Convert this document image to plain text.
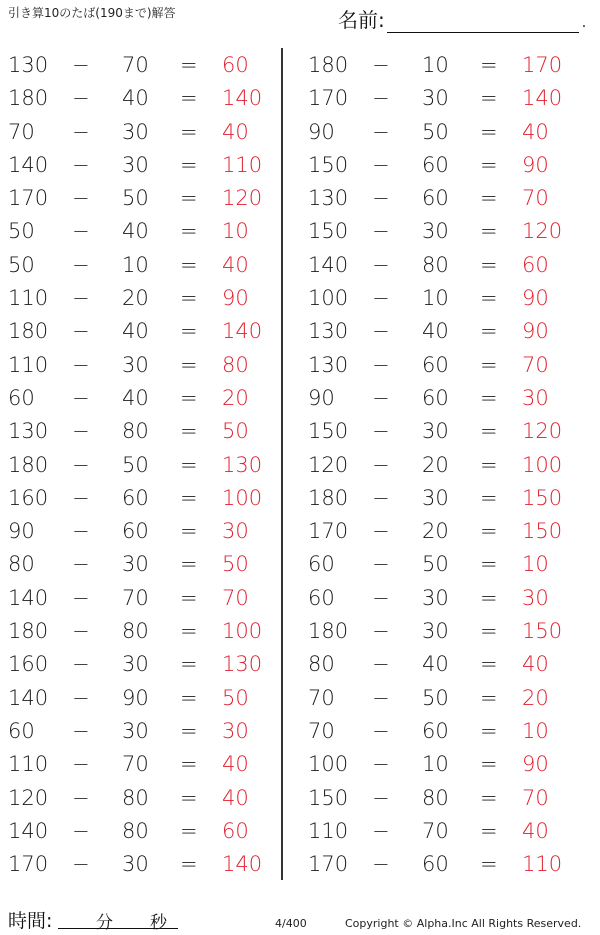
引き算10のたば(190まで)解答	名前:	.
130 − 70 = 60
180 − 40 = 140
70 − 30 = 40
140 − 30 = 110
170 − 50 = 120
50 − 40 = 10
50 − 10 = 40
110 − 20 = 90
180 − 40 = 140
110 − 30 = 80
60 − 40 = 20
130 − 80 = 50
180 − 50 = 130
160 − 60 = 100
90 − 60 = 30
80 − 30 = 50
140 − 70 = 70
180 − 80 = 100
160 − 30 = 130
140 − 90 = 50
60 − 30 = 30
110 − 70 = 40
120 − 80 = 40
140 − 80 = 60
170 − 30 = 140
180 − 10 = 170
170 − 30 = 140
90 − 50 = 40
150 − 60 = 90
130 − 60 = 70
150 − 30 = 120
140 − 80 = 60
100 − 10 = 90
130 − 40 = 90
130 − 60 = 70
90 − 60 = 30
150 − 30 = 120
120 − 20 = 100
180 − 30 = 150
170 − 20 = 150
60 − 50 = 10
60 − 30 = 30
180 − 30 = 150
80 − 40 = 40
70 − 50 = 20
70 − 60 = 10
100 − 10 = 90
150 − 80 = 70
110 − 70 = 40
170 − 60 = 110
時間:	分 秒	4/400	Copyright © Alpha.Inc All Rights Reserved.
